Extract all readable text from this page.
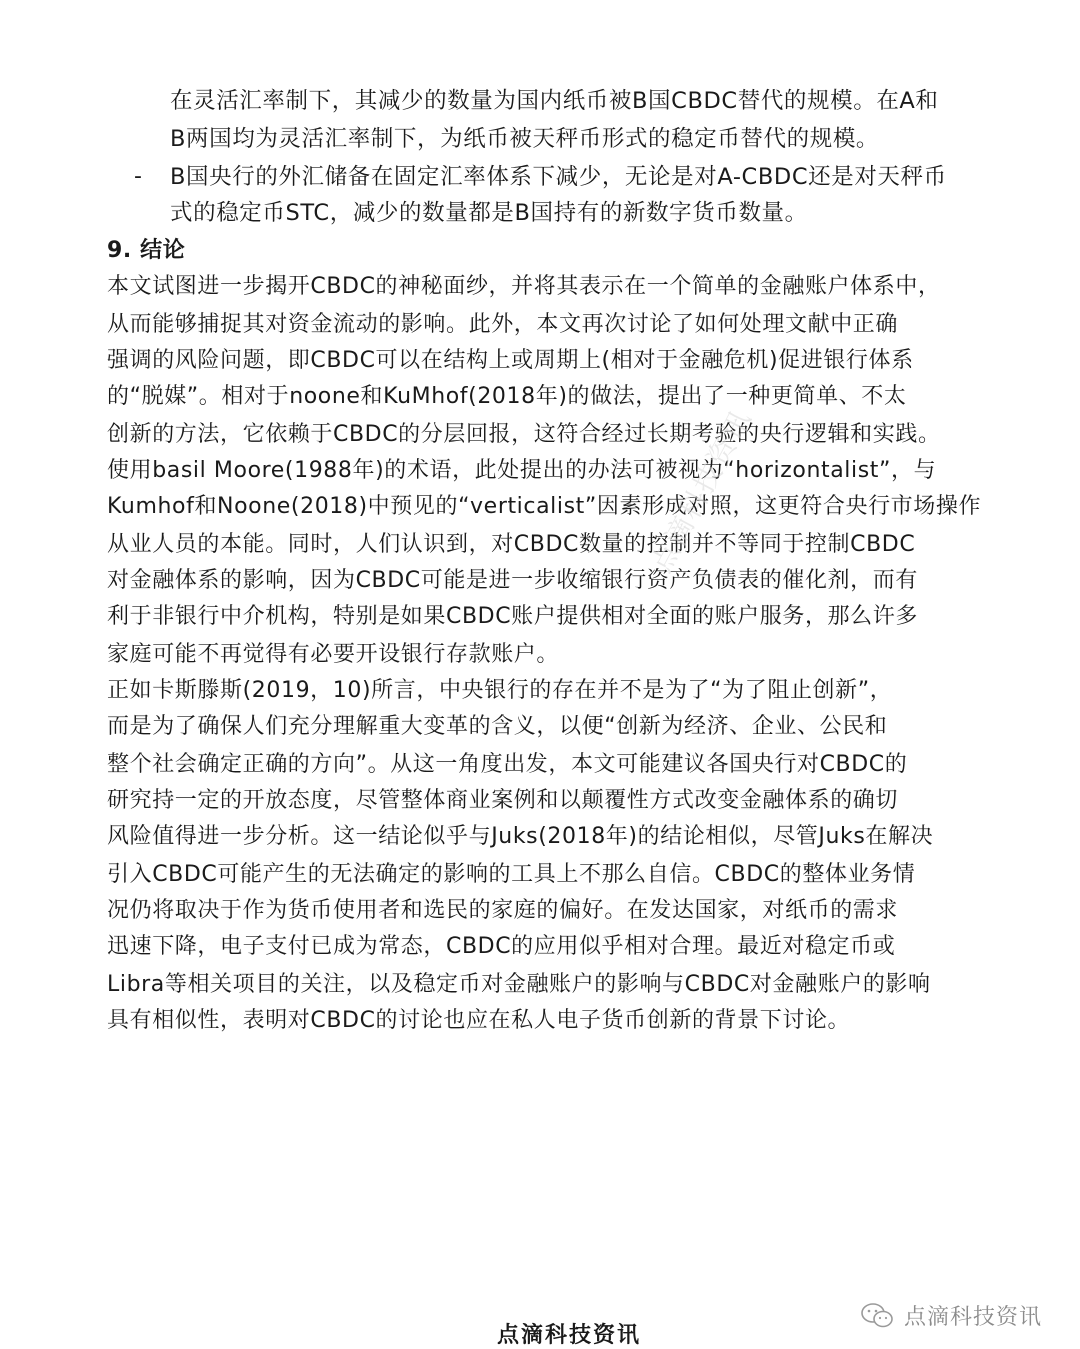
在灵活汇率制下，其减少的数量为国内纸币被B国CBDC替代的规模。在A和
B两国均为灵活汇率制下，为纸币被天秤币形式的稳定币替代的规模。
- B国央行的外汇储备在固定汇率体系下减少，无论是对A-CBDC还是对天秤币
式的稳定币STC，减少的数量都是B国持有的新数字货币数量。
9. 结论
本文试图进一步揭开CBDC的神秘面纱，并将其表示在一个简单的金融账户体系中，
从而能够捕捉其对资金流动的影响。此外，本文再次讨论了如何处理文献中正确
强调的风险问题，即CBDC可以在结构上或周期上(相对于金融危机)促进银行体系
的“脱媒”。相对于noone和KuMhof(2018年)的做法，提出了一种更简单、不太
创新的方法，它依赖于CBDC的分层回报，这符合经过长期考验的央行逻辑和实践。
使用basil Moore(1988年)的术语，此处提出的办法可被视为“horizontalist”，与
Kumhof和Noone(2018)中预见的“verticalist”因素形成对照，这更符合央行市场操作
从业人员的本能。同时，人们认识到，对CBDC数量的控制并不等同于控制CBDC
对金融体系的影响，因为CBDC可能是进一步收缩银行资产负债表的催化剂，而有
利于非银行中介机构，特别是如果CBDC账户提供相对全面的账户服务，那么许多
家庭可能不再觉得有必要开设银行存款账户。
正如卡斯滕斯(2019，10)所言，中央银行的存在并不是为了“为了阻止创新”，
而是为了确保人们充分理解重大变革的含义，以便“创新为经济、企业、公民和
整个社会确定正确的方向”。从这一角度出发，本文可能建议各国央行对CBDC的
研究持一定的开放态度，尽管整体商业案例和以颠覆性方式改变金融体系的确切
风险值得进一步分析。这一结论似乎与Juks(2018年)的结论相似，尽管Juks在解决
引入CBDC可能产生的无法确定的影响的工具上不那么自信。CBDC的整体业务情
况仍将取决于作为货币使用者和选民的家庭的偏好。在发达国家，对纸币的需求
迅速下降，电子支付已成为常态，CBDC的应用似乎相对合理。最近对稳定币或
Libra等相关项目的关注，以及稳定币对金融账户的影响与CBDC对金融账户的影响
具有相似性，表明对CBDC的讨论也应在私人电子货币创新的背景下讨论。
点滴科技资讯
点滴科技资讯
点滴科技资讯
